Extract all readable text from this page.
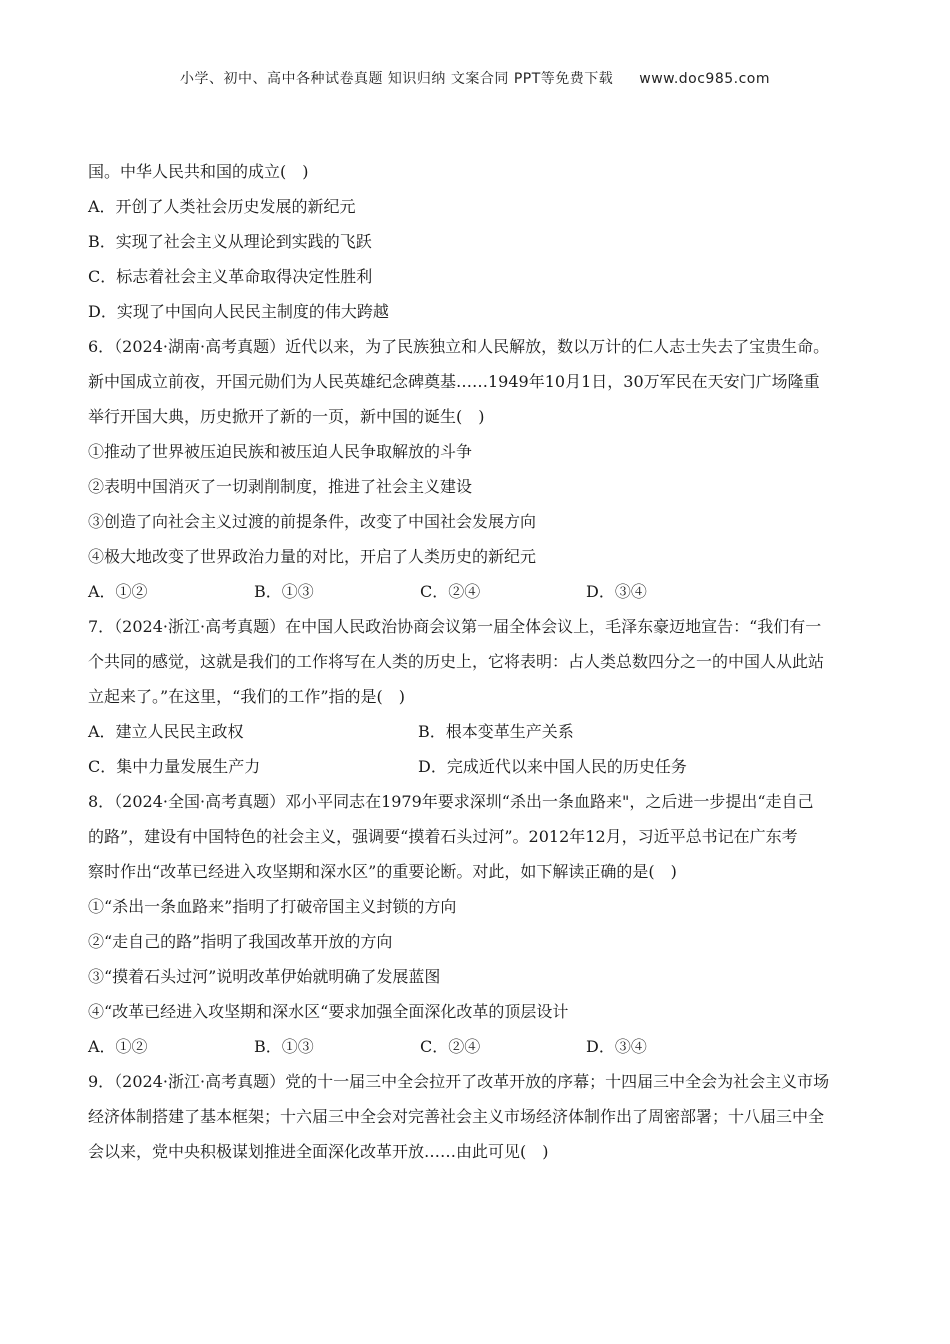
小学、初中、高中各种试卷真题 知识归纳 文案合同 PPT等免费下载 www.doc985.com
国。中华人民共和国的成立(　)
A．开创了人类社会历史发展的新纪元
B．实现了社会主义从理论到实践的飞跃
C．标志着社会主义革命取得决定性胜利
D．实现了中国向人民民主制度的伟大跨越
6．（2024·湖南·高考真题）近代以来，为了民族独立和人民解放，数以万计的仁人志士失去了宝贵生命。
新中国成立前夜，开国元勋们为人民英雄纪念碑奠基……1949年10月1日，30万军民在天安门广场隆重
举行开国大典，历史掀开了新的一页，新中国的诞生(　)
①推动了世界被压迫民族和被压迫人民争取解放的斗争
②表明中国消灭了一切剥削制度，推进了社会主义建设
③创造了向社会主义过渡的前提条件，改变了中国社会发展方向
④极大地改变了世界政治力量的对比，开启了人类历史的新纪元
A．①②	B．①③	C．②④	D．③④
7．（2024·浙江·高考真题）在中国人民政治协商会议第一届全体会议上，毛泽东豪迈地宣告：“我们有一
个共同的感觉，这就是我们的工作将写在人类的历史上，它将表明：占人类总数四分之一的中国人从此站
立起来了。”在这里，“我们的工作”指的是(　)
A．建立人民民主政权	B．根本变革生产关系
C．集中力量发展生产力	D．完成近代以来中国人民的历史任务
8．（2024·全国·高考真题）邓小平同志在1979年要求深圳“杀出一条血路来"，之后进一步提出“走自己
的路”，建设有中国特色的社会主义，强调要“摸着石头过河”。2012年12月，习近平总书记在广东考
察时作出“改革已经进入攻坚期和深水区”的重要论断。对此，如下解读正确的是(　)
①“杀出一条血路来”指明了打破帝国主义封锁的方向
②“走自己的路”指明了我国改革开放的方向
③“摸着石头过河”说明改革伊始就明确了发展蓝图
④“改革已经进入攻坚期和深水区“要求加强全面深化改革的顶层设计
A．①②	B．①③	C．②④	D．③④
9．（2024·浙江·高考真题）党的十一届三中全会拉开了改革开放的序幕；十四届三中全会为社会主义市场
经济体制搭建了基本框架；十六届三中全会对完善社会主义市场经济体制作出了周密部署；十八届三中全
会以来，党中央积极谋划推进全面深化改革开放……由此可见(　)
